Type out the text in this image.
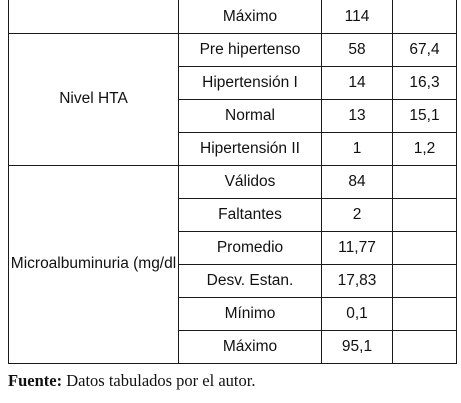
	Máximo	114	
Nivel HTA	Pre hipertenso	58	67,4
	Hipertensión I	14	16,3
	Normal	13	15,1
	Hipertensión II	1	1,2
Microalbuminuria (mg/dl	Válidos	84	
	Faltantes	2	
	Promedio	11,77	
	Desv. Estan.	17,83	
	Mínimo	0,1	
	Máximo	95,1	
Fuente: Datos tabulados por el autor.
